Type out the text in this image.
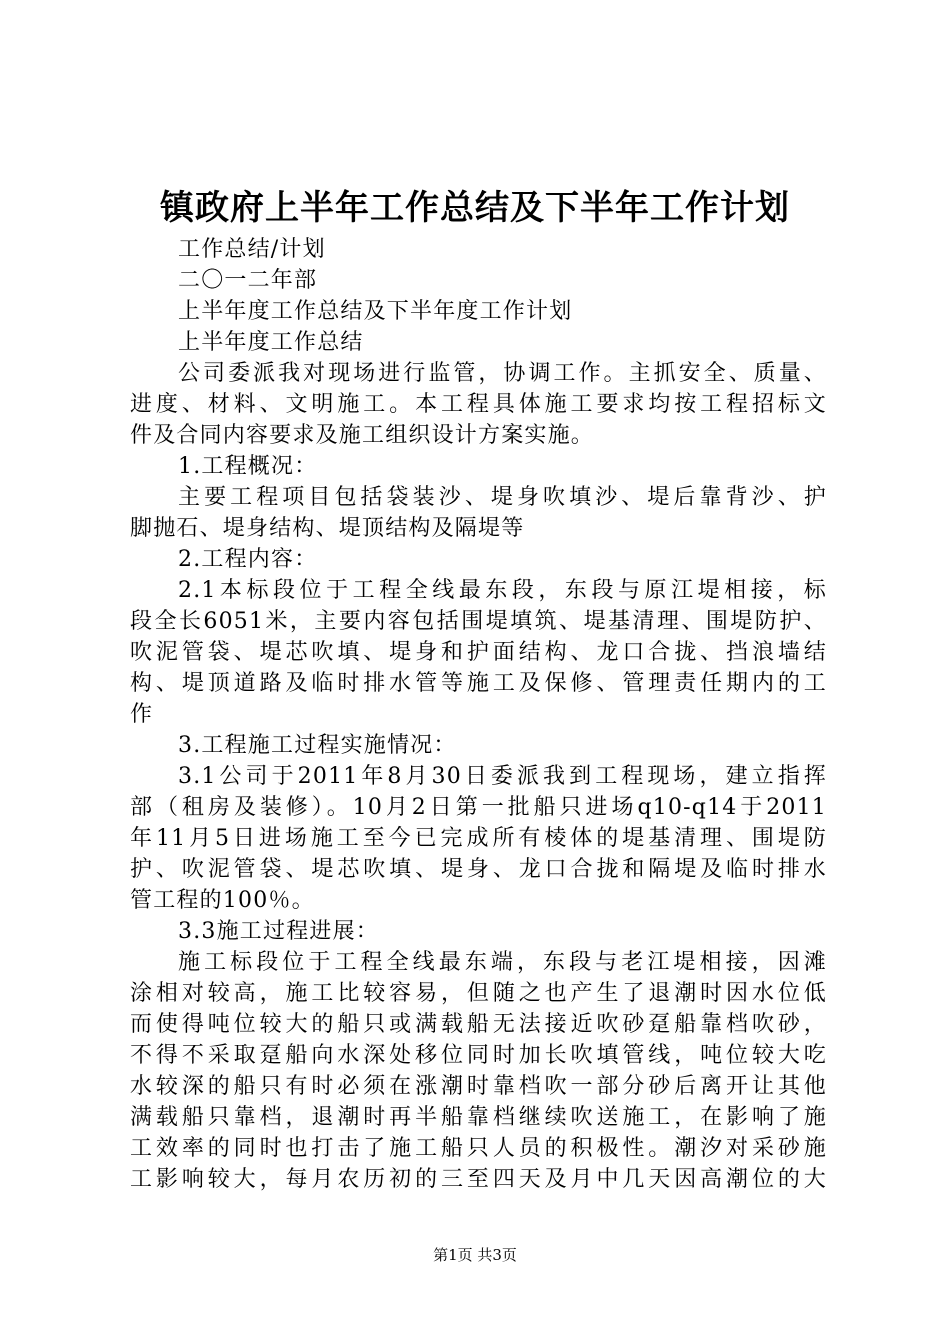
镇政府上半年工作总结及下半年工作计划
工作总结/计划
二〇一二年部
上半年度工作总结及下半年度工作计划
上半年度工作总结
公司委派我对现场进行监管，协调工作。主抓安全、质量、
进度、材料、文明施工。本工程具体施工要求均按工程招标文
件及合同内容要求及施工组织设计方案实施。
1.工程概况：
主要工程项目包括袋装沙、堤身吹填沙、堤后靠背沙、护
脚抛石、堤身结构、堤顶结构及隔堤等
2.工程内容：
2.1本标段位于工程全线最东段，东段与原江堤相接，标
段全长6051米，主要内容包括围堤填筑、堤基清理、围堤防护、
吹泥管袋、堤芯吹填、堤身和护面结构、龙口合拢、挡浪墙结
构、堤顶道路及临时排水管等施工及保修、管理责任期内的工
作
3.工程施工过程实施情况：
3.1公司于2011年8月30日委派我到工程现场，建立指挥
部（租房及装修）。10月2日第一批船只进场q10-q14于2011
年11月5日进场施工至今已完成所有棱体的堤基清理、围堤防
护、吹泥管袋、堤芯吹填、堤身、龙口合拢和隔堤及临时排水
管工程的100％。
3.3施工过程进展：
施工标段位于工程全线最东端，东段与老江堤相接，因滩
涂相对较高，施工比较容易，但随之也产生了退潮时因水位低
而使得吨位较大的船只或满载船无法接近吹砂趸船靠档吹砂，
不得不采取趸船向水深处移位同时加长吹填管线，吨位较大吃
水较深的船只有时必须在涨潮时靠档吹一部分砂后离开让其他
满载船只靠档，退潮时再半船靠档继续吹送施工，在影响了施
工效率的同时也打击了施工船只人员的积极性。潮汐对采砂施
工影响较大，每月农历初的三至四天及月中几天因高潮位的大
第1页 共3页
